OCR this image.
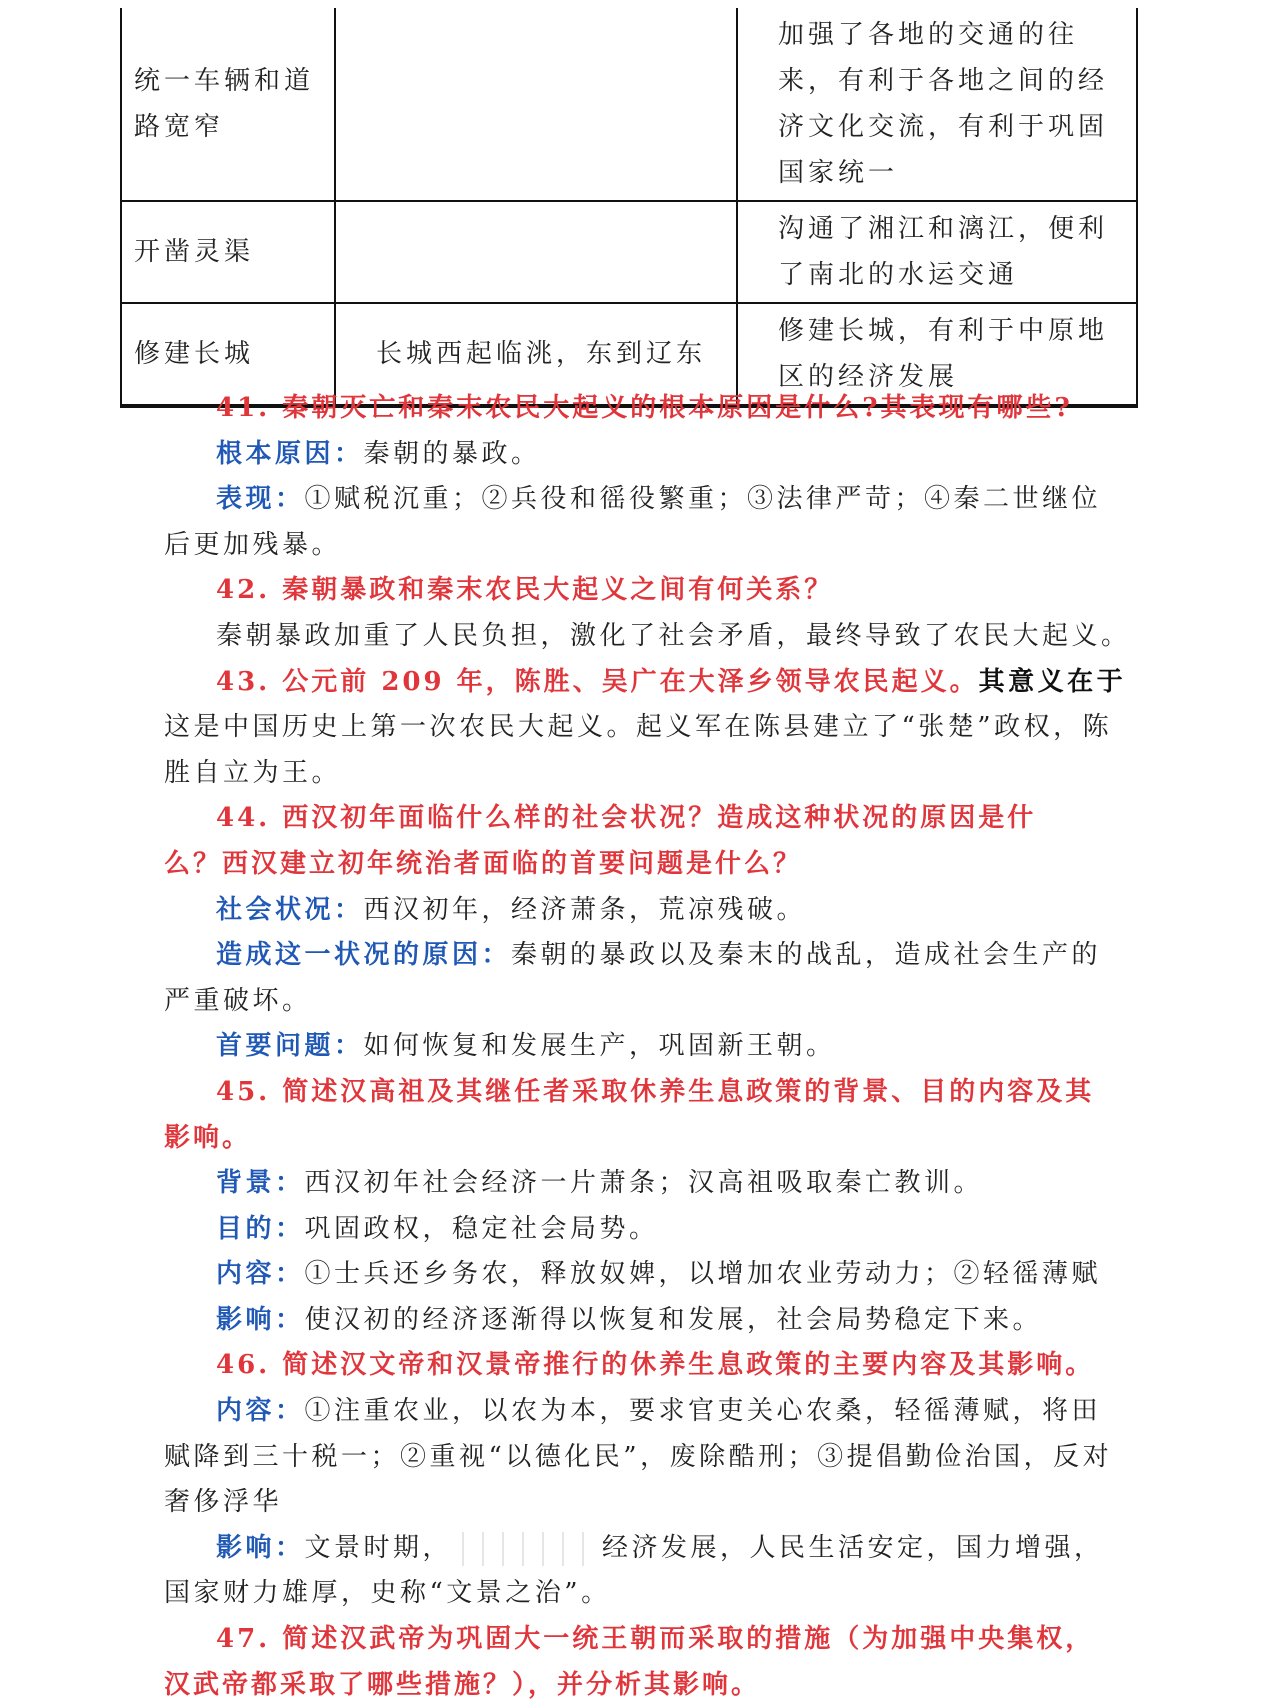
统一车辆和道路宽窄		加强了各地的交通的往来，有利于各地之间的经济文化交流，有利于巩固国家统一
开凿灵渠		沟通了湘江和漓江，便利了南北的水运交通
修建长城	长城西起临洮，东到辽东	修建长城，有利于中原地区的经济发展
41. 秦朝灭亡和秦末农民大起义的根本原因是什么?其表现有哪些?
根本原因：秦朝的暴政。
表现：①赋税沉重；②兵役和徭役繁重；③法律严苛；④秦二世继位
后更加残暴。
42. 秦朝暴政和秦末农民大起义之间有何关系？
秦朝暴政加重了人民负担，激化了社会矛盾，最终导致了农民大起义。
43. 公元前 209 年，陈胜、吴广在大泽乡领导农民起义。其意义在于
这是中国历史上第一次农民大起义。起义军在陈县建立了“张楚”政权，陈
胜自立为王。
44. 西汉初年面临什么样的社会状况？造成这种状况的原因是什
么？西汉建立初年统治者面临的首要问题是什么？
社会状况：西汉初年，经济萧条，荒凉残破。
造成这一状况的原因：秦朝的暴政以及秦末的战乱，造成社会生产的
严重破坏。
首要问题：如何恢复和发展生产，巩固新王朝。
45. 简述汉高祖及其继任者采取休养生息政策的背景、目的内容及其
影响。
背景：西汉初年社会经济一片萧条；汉高祖吸取秦亡教训。
目的：巩固政权，稳定社会局势。
内容：①士兵还乡务农，释放奴婢，以增加农业劳动力；②轻徭薄赋
影响：使汉初的经济逐渐得以恢复和发展，社会局势稳定下来。
46. 简述汉文帝和汉景帝推行的休养生息政策的主要内容及其影响。
内容：①注重农业，以农为本，要求官吏关心农桑，轻徭薄赋，将田
赋降到三十税一；②重视“以德化民”，废除酷刑；③提倡勤俭治国，反对
奢侈浮华
影响：文景时期，	经济发展，人民生活安定，国力增强，
国家财力雄厚，史称“文景之治”。
47. 简述汉武帝为巩固大一统王朝而采取的措施（为加强中央集权，
汉武帝都采取了哪些措施？），并分析其影响。
